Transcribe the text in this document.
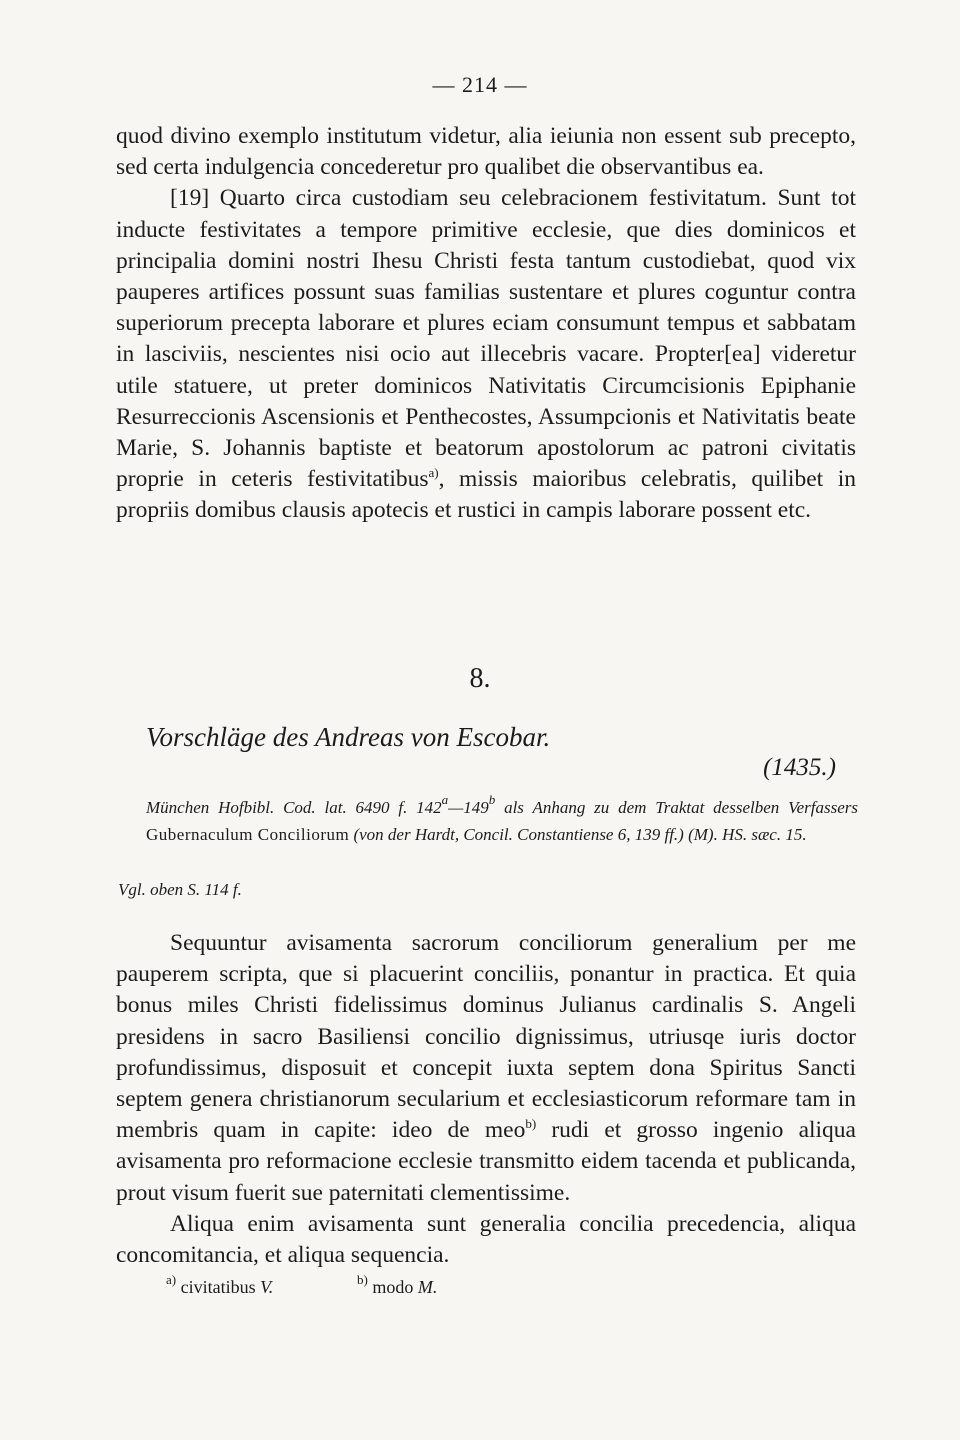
— 214 —

quod divino exemplo institutum videtur, alia ieiunia non essent sub precepto, sed certa indulgencia concederetur pro qualibet die observantibus ea.

[19] Quarto circa custodiam seu celebracionem festivitatum. Sunt tot inducte festivitates a tempore primitive ecclesie, que dies dominicos et principalia domini nostri Ihesu Christi festa tantum custodiebat, quod vix pauperes artifices possunt suas familias sustentare et plures coguntur contra superiorum precepta laborare et plures eciam consumunt tempus et sabbatam in lasciviis, nescientes nisi ocio aut illecebris vacare. Propter[ea] videretur utile statuere, ut preter dominicos Nativitatis Circumcisionis Epiphanie Resurreccionis Ascensionis et Penthecostes, Assumpcionis et Nativitatis beate Marie, S. Johannis baptiste et beatorum apostolorum ac patroni civitatis proprie in ceteris festivitatibus$^{a)}$, missis maioribus celebratis, quilibet in propriis domibus clausis apotecis et rustici in campis laborare possent etc.

8.
Vorschläge des Andreas von Escobar.
(1435.)
München Hofbibl. Cod. lat. 6490 f. 142$^a$—149$^b$ als Anhang zu dem Traktat desselben Verfassers Gubernaculum Conciliorum (von der Hardt, Concil. Constantiense 6, 139 ff.) (M). HS. sæc. 15.
Vgl. oben S. 114 f.

Sequuntur avisamenta sacrorum conciliorum generalium per me pauperem scripta, que si placuerint conciliis, ponantur in practica. Et quia bonus miles Christi fidelissimus dominus Julianus cardinalis S. Angeli presidens in sacro Basiliensi concilio dignissimus, utriusqe iuris doctor profundissimus, disposuit et concepit iuxta septem dona Spiritus Sancti septem genera christianorum secularium et ecclesiasticorum reformare tam in membris quam in capite: ideo de meo$^{b)}$ rudi et grosso ingenio aliqua avisamenta pro reformacione ecclesie transmitto eidem tacenda et publicanda, prout visum fuerit sue paternitati clementissime.

Aliqua enim avisamenta sunt generalia concilia precedencia, aliqua concomitancia, et aliqua sequencia.

$^{a)}$ civitatibus V.	$^{b)}$ modo M.
